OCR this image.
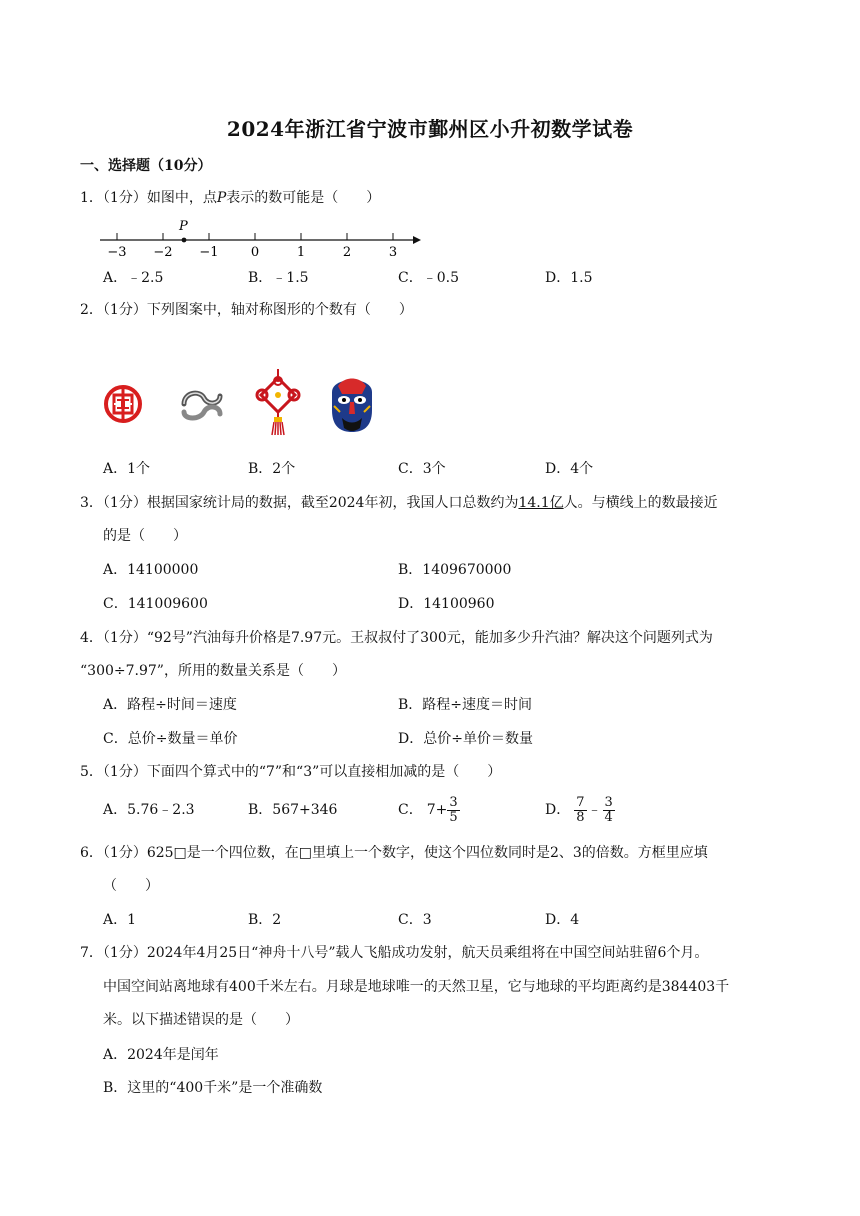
2024年浙江省宁波市鄞州区小升初数学试卷
一、选择题（10分）
1．（1分）如图中，点P表示的数可能是（　　）
−3 −2 −1 0	1	2	3
P
A．﹣2.5	B．﹣1.5	C．﹣0.5	D．1.5
2．（1分）下列图案中，轴对称图形的个数有（　　）
A．1个	B．2个	C．3个	D．4个
3．（1分）根据国家统计局的数据，截至2024年初，我国人口总数约为14.1亿人。与横线上的数最接近
的是（　　）
A．14100000	B．1409670000
C．141009600	D．14100960
4．（1分）“92号”汽油每升价格是7.97元。王叔叔付了300元，能加多少升汽油？解决这个问题列式为
“300÷7.97”，所用的数量关系是（　　）
A．路程÷时间＝速度	B．路程÷速度＝时间
C．总价÷数量＝单价	D．总价÷单价＝数量
5．（1分）下面四个算式中的“7”和“3”可以直接相加减的是（　　）
A．5.76﹣2.3	B．567+346	C． $7+ \frac{3}{5}$	D． $\frac{7}{8}$ ﹣ $\frac{3}{4}$
6．（1分）625□是一个四位数，在□里填上一个数字，使这个四位数同时是2、3的倍数。方框里应填
（　　）
A．1	B．2	C．3	D．4
7．（1分）2024年4月25日“神舟十八号”载人飞船成功发射，航天员乘组将在中国空间站驻留6个月。
中国空间站离地球有400千米左右。月球是地球唯一的天然卫星，它与地球的平均距离约是384403千
米。以下描述错误的是（　　）
A．2024年是闰年
B．这里的“400千米”是一个准确数
